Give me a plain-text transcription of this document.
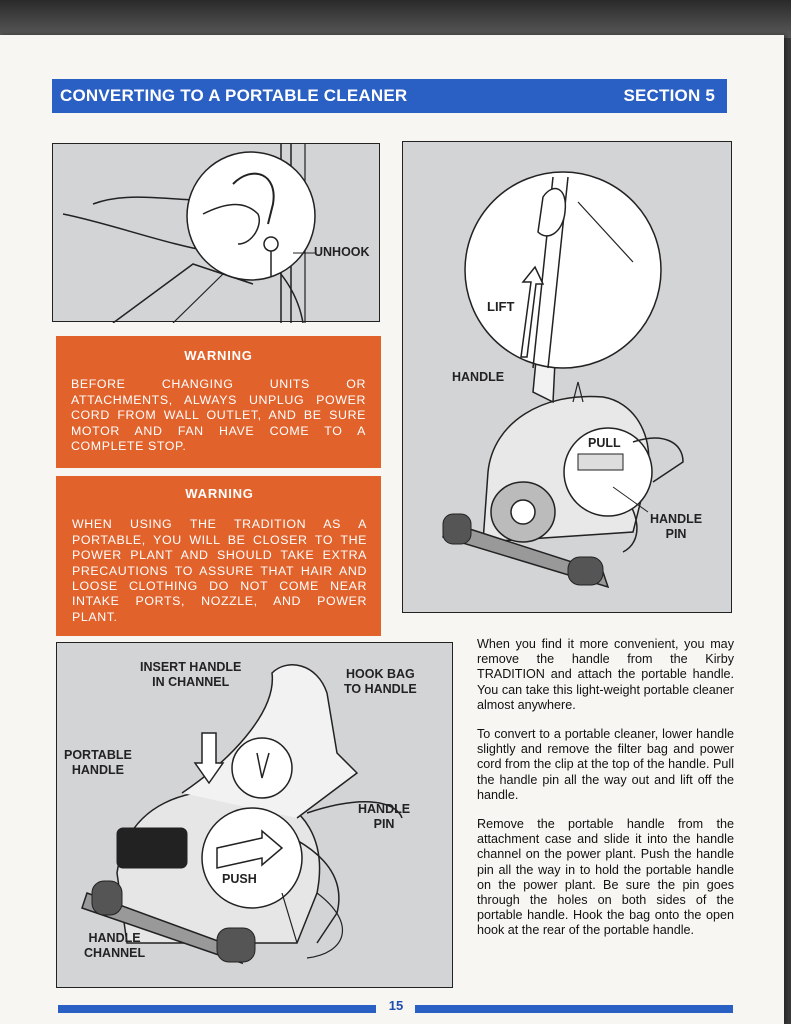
CONVERTING TO A PORTABLE CLEANER	SECTION 5
UNHOOK
WARNING
BEFORE CHANGING UNITS OR ATTACHMENTS, ALWAYS UNPLUG POWER CORD FROM WALL OUTLET, AND BE SURE MOTOR AND FAN HAVE COME TO A COMPLETE STOP.
WARNING
WHEN USING THE TRADITION AS A PORTABLE, YOU WILL BE CLOSER TO THE POWER PLANT AND SHOULD TAKE EXTRA PRECAUTIONS TO ASSURE THAT HAIR AND LOOSE CLOTHING DO NOT COME NEAR INTAKE PORTS, NOZZLE, AND POWER PLANT.
LIFT
HANDLE
PULL
HANDLE
PIN
INSERT HANDLE
IN CHANNEL
HOOK BAG
TO HANDLE
PORTABLE
HANDLE
HANDLE
PIN
PUSH
HANDLE
CHANNEL

When you find it more convenient, you may remove the handle from the Kirby TRADITION and attach the portable handle. You can take this light-weight portable cleaner almost anywhere.

To convert to a portable cleaner, lower handle slightly and remove the filter bag and power cord from the clip at the top of the handle. Pull the handle pin all the way out and lift off the handle.

Remove the portable handle from the attachment case and slide it into the handle channel on the power plant. Push the handle pin all the way in to hold the portable handle on the power plant. Be sure the pin goes through the holes on both sides of the portable handle. Hook the bag onto the open hook at the rear of the portable handle.

15
